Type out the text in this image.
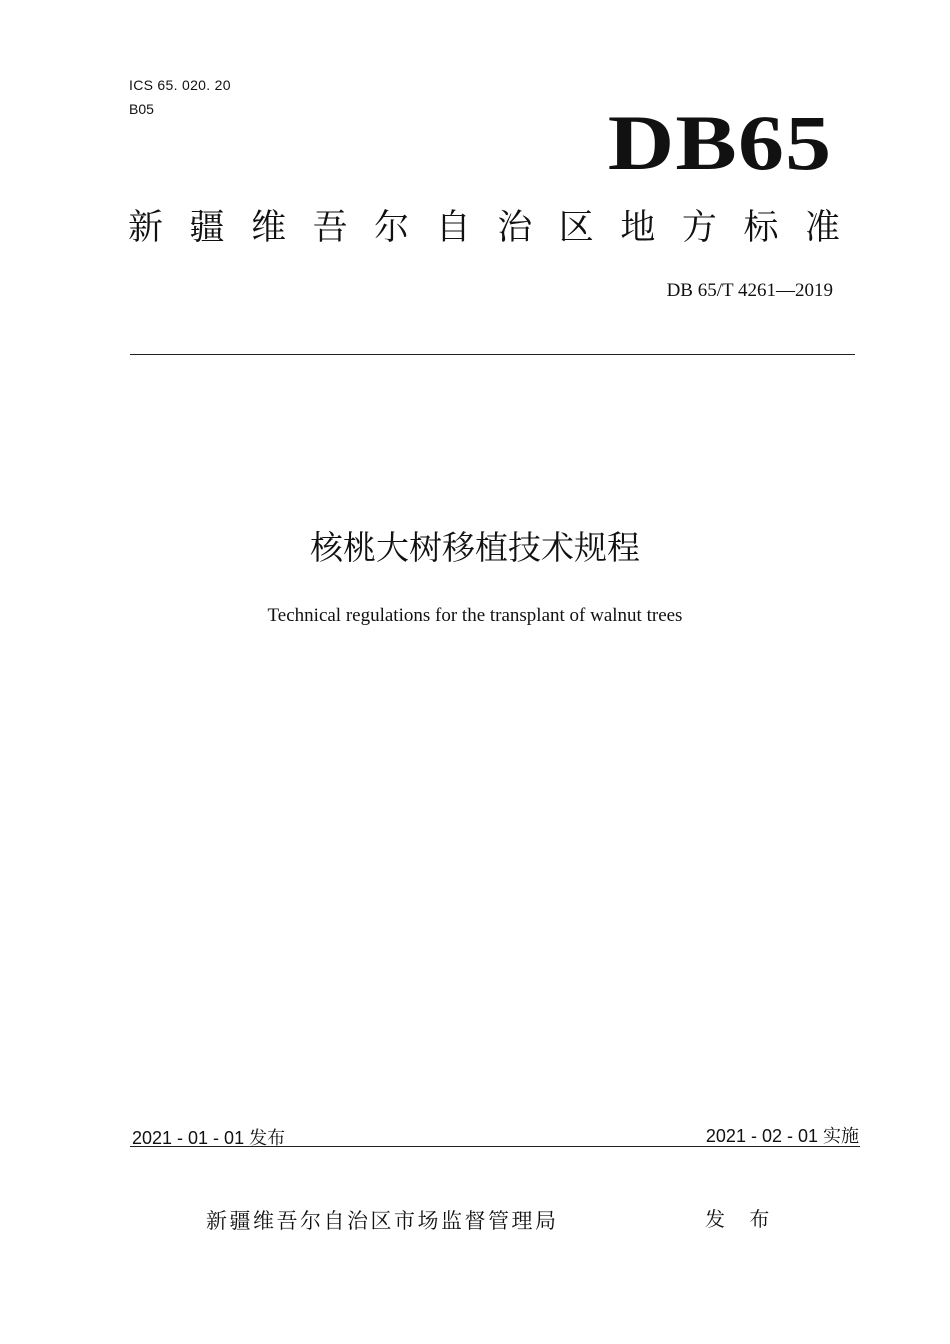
ICS 65. 020. 20
B05	DB65
新疆维吾尔自治区地方标准
DB 65/T 4261—2019
核桃大树移植技术规程
Technical regulations for the transplant of walnut trees
2021 - 01 - 01 发布	2021 - 02 - 01 实施
新疆维吾尔自治区市场监督管理局	发 布
